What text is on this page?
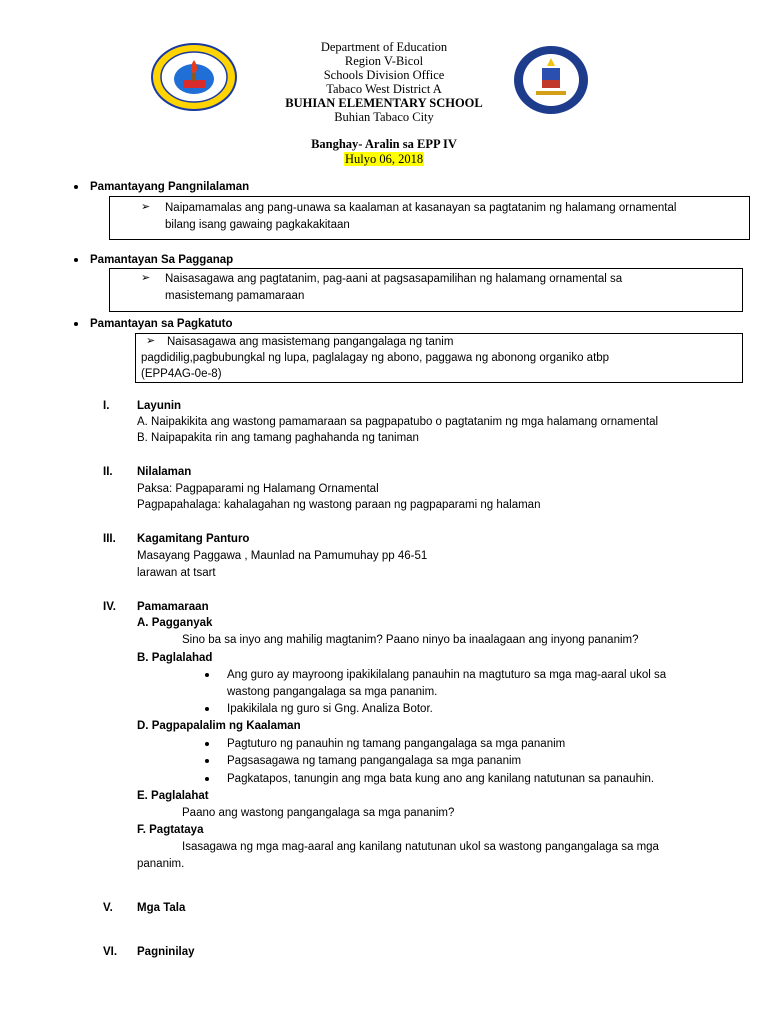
Department of Education
Region V-Bicol
Schools Division Office
Tabaco West District A
BUHIAN ELEMENTARY SCHOOL
Buhian Tabaco City
Banghay- Aralin sa EPP IV
Hulyo 06, 2018
Pamantayang Pangnilalaman
➢ Naipamamalas ang pang-unawa sa kaalaman at kasanayan sa pagtatanim ng halamang ornamental
bilang isang gawaing pagkakakitaan
Pamantayan Sa Pagganap
➢ Naisasagawa ang pagtatanim, pag-aani at pagsasapamilihan ng halamang ornamental sa
masistemang pamamaraan
Pamantayan sa Pagkatuto
➢ Naisasagawa ang masistemang pangangalaga ng tanim
pagdidilig,pagbubungkal ng lupa, paglalagay ng abono, paggawa ng abonong organiko atbp
(EPP4AG-0e-8)
I. Layunin
A. Naipakikita ang wastong pamamaraan sa pagpapatubo o pagtatanim ng mga halamang ornamental
B. Naipapakita rin ang tamang paghahanda ng taniman
II. Nilalaman
Paksa: Pagpaparami ng Halamang Ornamental
Pagpapahalaga: kahalagahan ng wastong paraan ng pagpaparami ng halaman
III. Kagamitang Panturo
Masayang Paggawa , Maunlad na Pamumuhay pp 46-51
larawan at tsart
IV. Pamamaraan
A. Pagganyak
Sino ba sa inyo ang mahilig magtanim? Paano ninyo ba inaalagaan ang inyong pananim?
B. Paglalahad
Ang guro ay mayroong ipakikilalang panauhin na magtuturo sa mga mag-aaral ukol sa
wastong pangangalaga sa mga pananim.
Ipakikilala ng guro si Gng. Analiza Botor.
D. Pagpapalalim ng Kaalaman
Pagtuturo ng panauhin ng tamang pangangalaga sa mga pananim
Pagsasagawa ng tamang pangangalaga sa mga pananim
Pagkatapos, tanungin ang mga bata kung ano ang kanilang natutunan sa panauhin.
E. Paglalahat
Paano ang wastong pangangalaga sa mga pananim?
F. Pagtataya
Isasagawa ng mga mag-aaral ang kanilang natutunan ukol sa wastong pangangalaga sa mga
pananim.
V. Mga Tala
VI. Pagninilay
